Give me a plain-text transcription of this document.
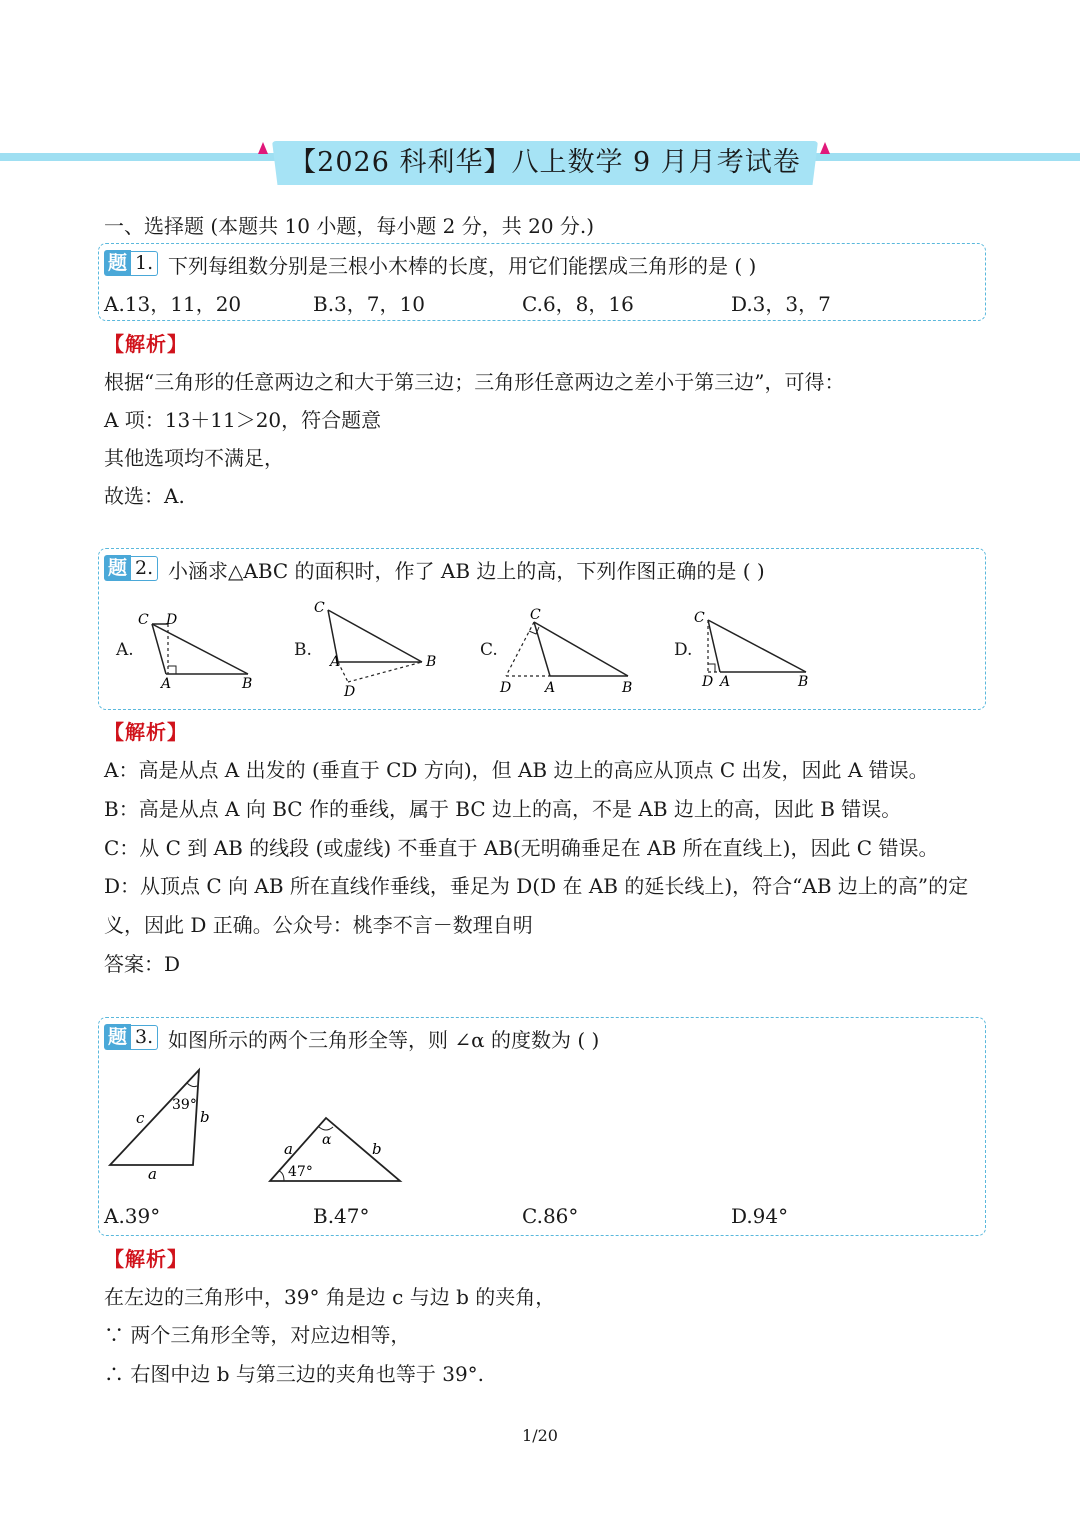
【2026 科利华】八上数学 9 月月考试卷
一、选择题 (本题共 10 小题，每小题 2 分，共 20 分.)
题 1. 下列每组数分别是三根小木棒的长度，用它们能摆成三角形的是 ( )
A.13，11，20	B.3，7，10	C.6，8，16	D.3，3，7
【解析】
根据“三角形的任意两边之和大于第三边；三角形任意两边之差小于第三边”，可得：
A 项：13＋11＞20，符合题意
其他选项均不满足，
故选：A.
题 2. 小涵求△ABC 的面积时，作了 AB 边上的高，下列作图正确的是 ( )
A.
C D
A	B
B.
C
A	B
D
C.
C
D A	B
D.
C
D A	B
【解析】
A：高是从点 A 出发的 (垂直于 CD 方向)，但 AB 边上的高应从顶点 C 出发，因此 A 错误。
B：高是从点 A 向 BC 作的垂线，属于 BC 边上的高，不是 AB 边上的高，因此 B 错误。
C：从 C 到 AB 的线段 (或虚线) 不垂直于 AB(无明确垂足在 AB 所在直线上)，因此 C 错误。
D：从顶点 C 向 AB 所在直线作垂线，垂足为 D(D 在 AB 的延长线上)，符合“AB 边上的高”的定
义，因此 D 正确。公众号：桃李不言－数理自明
答案：D
题 3. 如图所示的两个三角形全等，则 ∠α 的度数为 ( )
39°
c	b
a
α
47°
a	b
A.39°	B.47°	C.86°	D.94°
【解析】
在左边的三角形中，39° 角是边 c 与边 b 的夹角，
∵ 两个三角形全等，对应边相等，
∴ 右图中边 b 与第三边的夹角也等于 39°.
1/20
